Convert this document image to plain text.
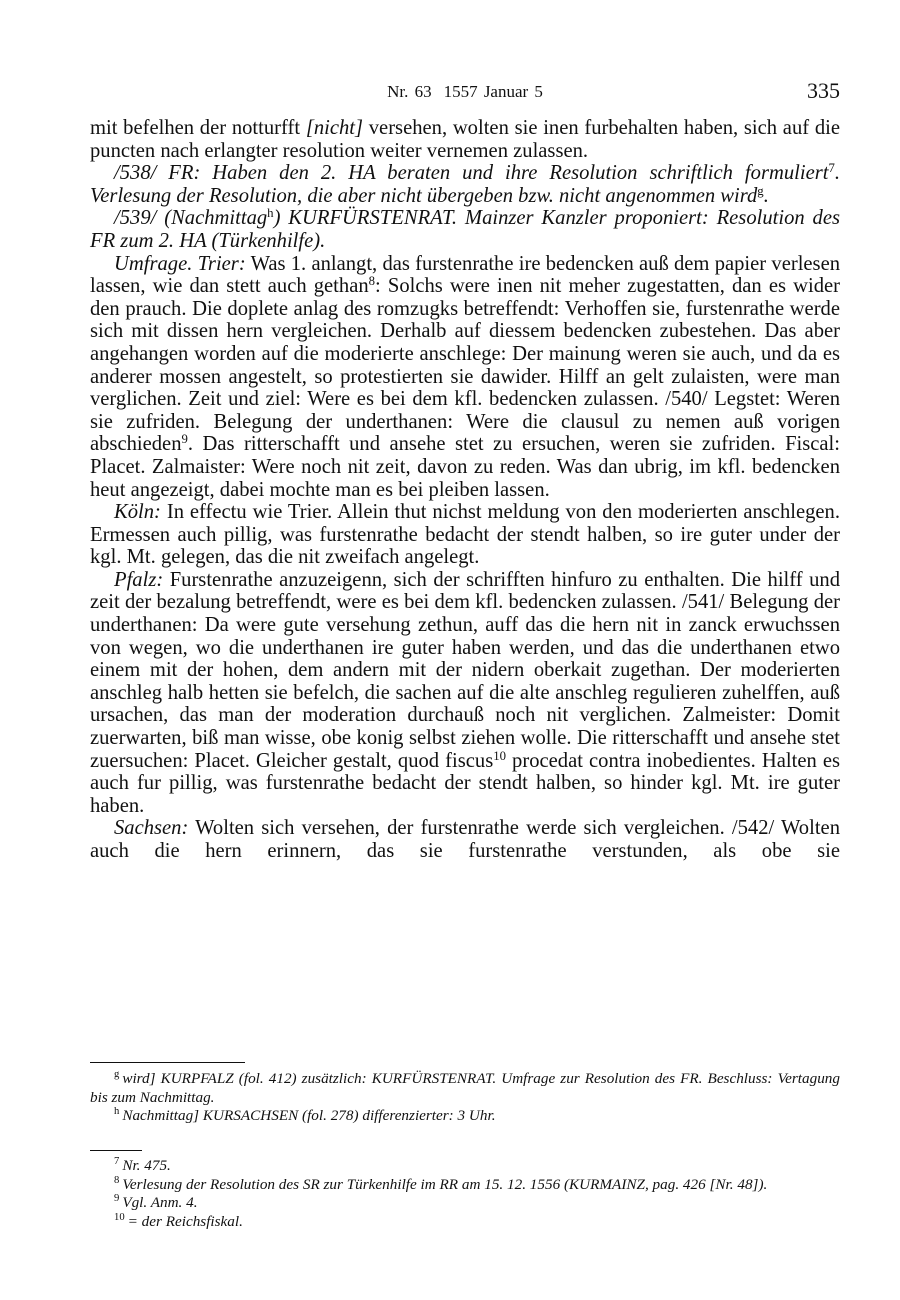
Nr. 63 1557 Januar 5	335

mit befelhen der notturfft [nicht] versehen, wolten sie inen furbehalten haben, sich auf die puncten nach erlangter resolution weiter vernemen zulassen.

/538/ FR: Haben den 2. HA beraten und ihre Resolution schriftlich formuliert$^7$. Verlesung der Resolution, die aber nicht übergeben bzw. nicht angenommen wird$^g$.

/539/ (Nachmittag$^h$) KURFÜRSTENRAT. Mainzer Kanzler proponiert: Resolution des FR zum 2. HA (Türkenhilfe).

Umfrage. Trier: Was 1. anlangt, das furstenrathe ire bedencken auß dem papier verlesen lassen, wie dan stett auch gethan$^8$: Solchs were inen nit meher zugestatten, dan es wider den prauch. Die doplete anlag des romzugks betreffendt: Verhoffen sie, furstenrathe werde sich mit dissen hern vergleichen. Derhalb auf diessem bedencken zubestehen. Das aber angehangen worden auf die moderierte anschlege: Der mainung weren sie auch, und da es anderer mossen angestelt, so protestierten sie dawider. Hilff an gelt zulaisten, were man verglichen. Zeit und ziel: Were es bei dem kfl. bedencken zulassen. /540/ Legstet: Weren sie zufriden. Belegung der underthanen: Were die clausul zu nemen auß vorigen abschieden$^9$. Das ritterschafft und ansehe stet zu ersuchen, weren sie zufriden. Fiscal: Placet. Zalmaister: Were noch nit zeit, davon zu reden. Was dan ubrig, im kfl. bedencken heut angezeigt, dabei mochte man es bei pleiben lassen.

Köln: In effectu wie Trier. Allein thut nichst meldung von den moderierten anschlegen. Ermessen auch pillig, was furstenrathe bedacht der stendt halben, so ire guter under der kgl. Mt. gelegen, das die nit zweifach angelegt.

Pfalz: Furstenrathe anzuzeigenn, sich der schrifften hinfuro zu enthalten. Die hilff und zeit der bezalung betreffendt, were es bei dem kfl. bedencken zulassen. /541/ Belegung der underthanen: Da were gute versehung zethun, auff das die hern nit in zanck erwuchssen von wegen, wo die underthanen ire guter haben werden, und das die underthanen etwo einem mit der hohen, dem andern mit der nidern oberkait zugethan. Der moderierten anschleg halb hetten sie befelch, die sachen auf die alte anschleg regulieren zuhelffen, auß ursachen, das man der moderation durchauß noch nit verglichen. Zalmeister: Domit zuerwarten, biß man wisse, obe konig selbst ziehen wolle. Die ritterschafft und ansehe stet zuersuchen: Placet. Gleicher gestalt, quod fiscus$^{10}$ procedat contra inobedientes. Halten es auch fur pillig, was furstenrathe bedacht der stendt halben, so hinder kgl. Mt. ire guter haben.

Sachsen: Wolten sich versehen, der furstenrathe werde sich vergleichen. /542/ Wolten auch die hern erinnern, das sie furstenrathe verstunden, als obe sie

$^g$ wird] KURPFALZ (fol. 412) zusätzlich: KURFÜRSTENRAT. Umfrage zur Resolution des FR. Beschluss: Vertagung bis zum Nachmittag.

$^h$ Nachmittag] KURSACHSEN (fol. 278) differenzierter: 3 Uhr.

$^7$ Nr. 475.

$^8$ Verlesung der Resolution des SR zur Türkenhilfe im RR am 15. 12. 1556 (KURMAINZ, pag. 426 [Nr. 48]).

$^9$ Vgl. Anm. 4.

$^{10}$ = der Reichsfiskal.
